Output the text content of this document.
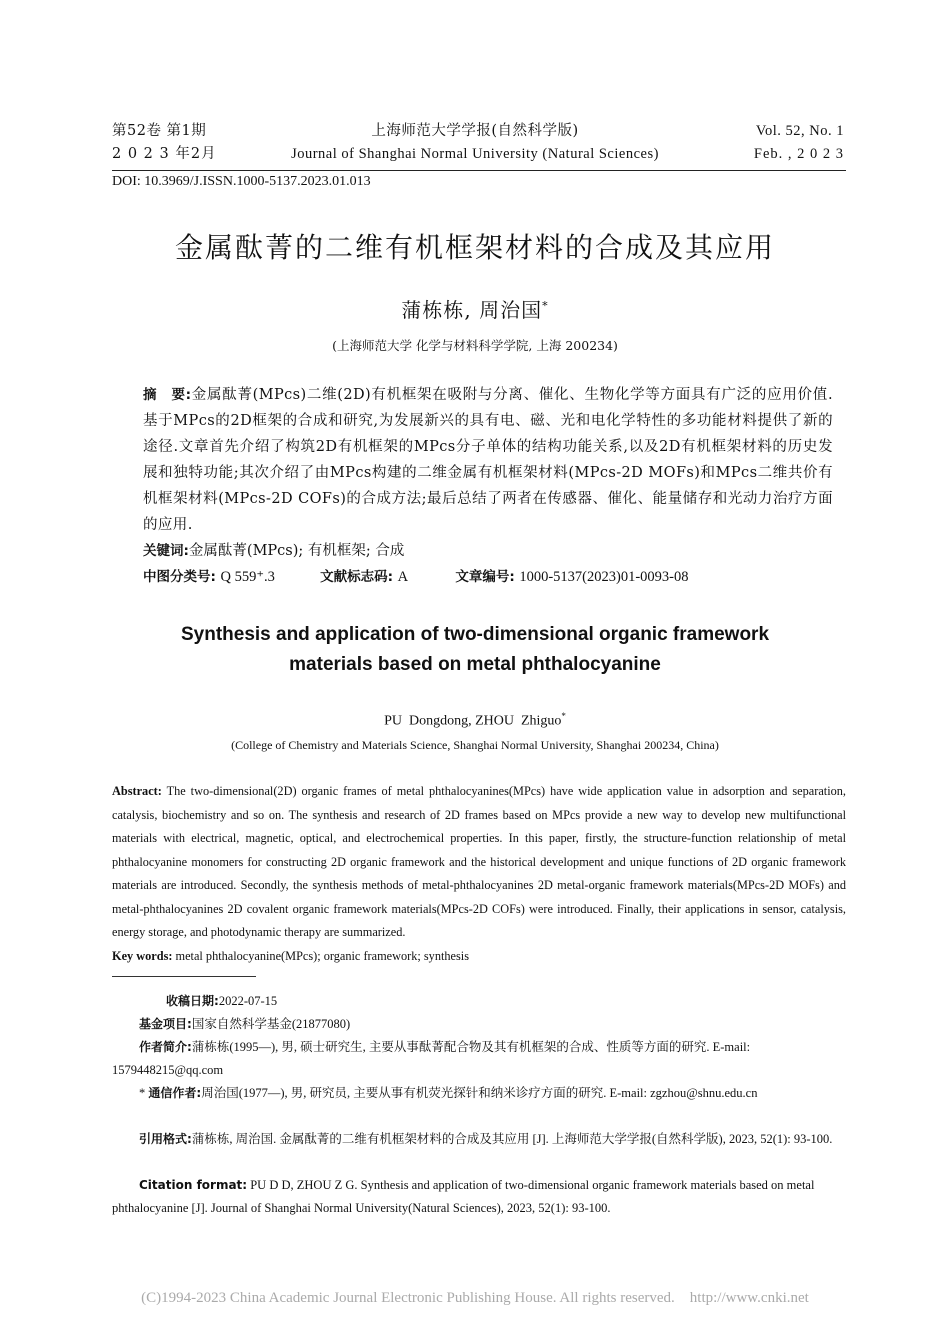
第52卷 第1期
2 0 2 3 年2月
上海师范大学学报(自然科学版)
Journal of Shanghai Normal University (Natural Sciences)
Vol. 52, No. 1
Feb. , 2 0 2 3
DOI: 10.3969/J.ISSN.1000-5137.2023.01.013
金属酞菁的二维有机框架材料的合成及其应用
蒲栋栋, 周治国*
(上海师范大学 化学与材料科学学院, 上海 200234)
摘　要:金属酞菁(MPcs)二维(2D)有机框架在吸附与分离、催化、生物化学等方面具有广泛的应用价值.基于MPcs的2D框架的合成和研究,为发展新兴的具有电、磁、光和电化学特性的多功能材料提供了新的途径.文章首先介绍了构筑2D有机框架的MPcs分子单体的结构功能关系,以及2D有机框架材料的历史发展和独特功能;其次介绍了由MPcs构建的二维金属有机框架材料(MPcs-2D MOFs)和MPcs二维共价有机框架材料(MPcs-2D COFs)的合成方法;最后总结了两者在传感器、催化、能量储存和光动力治疗方面的应用.
关键词:金属酞菁(MPcs); 有机框架; 合成
中图分类号: Q 559⁺.3	文献标志码: A	文章编号: 1000-5137(2023)01-0093-08
Synthesis and application of two-dimensional organic framework
materials based on metal phthalocyanine
PU  Dongdong, ZHOU  Zhiguo*
(College of Chemistry and Materials Science, Shanghai Normal University, Shanghai 200234, China)
Abstract: The two-dimensional(2D) organic frames of metal phthalocyanines(MPcs) have wide application value in adsorption and separation, catalysis, biochemistry and so on. The synthesis and research of 2D frames based on MPcs provide a new way to develop new multifunctional materials with electrical, magnetic, optical, and electrochemical properties. In this paper, firstly, the structure-function relationship of metal phthalocyanine monomers for constructing 2D organic framework and the historical development and unique functions of 2D organic framework materials are introduced. Secondly, the synthesis methods of metal-phthalocyanines 2D metal-organic framework materials(MPcs-2D MOFs) and metal-phthalocyanines 2D covalent organic framework materials(MPcs-2D COFs) were introduced. Finally, their applications in sensor, catalysis, energy storage, and photodynamic therapy are summarized.
Key words: metal phthalocyanine(MPcs); organic framework; synthesis
收稿日期:2022-07-15
基金项目:国家自然科学基金(21877080)
作者简介:蒲栋栋(1995—), 男, 硕士研究生, 主要从事酞菁配合物及其有机框架的合成、性质等方面的研究. E-mail: 1579448215@qq.com
* 通信作者:周治国(1977—), 男, 研究员, 主要从事有机荧光探针和纳米诊疗方面的研究. E-mail: zgzhou@shnu.edu.cn
引用格式:蒲栋栋, 周治国. 金属酞菁的二维有机框架材料的合成及其应用 [J]. 上海师范大学学报(自然科学版), 2023, 52(1): 93-100.
Citation format: PU D D, ZHOU Z G. Synthesis and application of two-dimensional organic framework materials based on metal phthalocyanine [J]. Journal of Shanghai Normal University(Natural Sciences), 2023, 52(1): 93-100.
(C)1994-2023 China Academic Journal Electronic Publishing House. All rights reserved.    http://www.cnki.net
